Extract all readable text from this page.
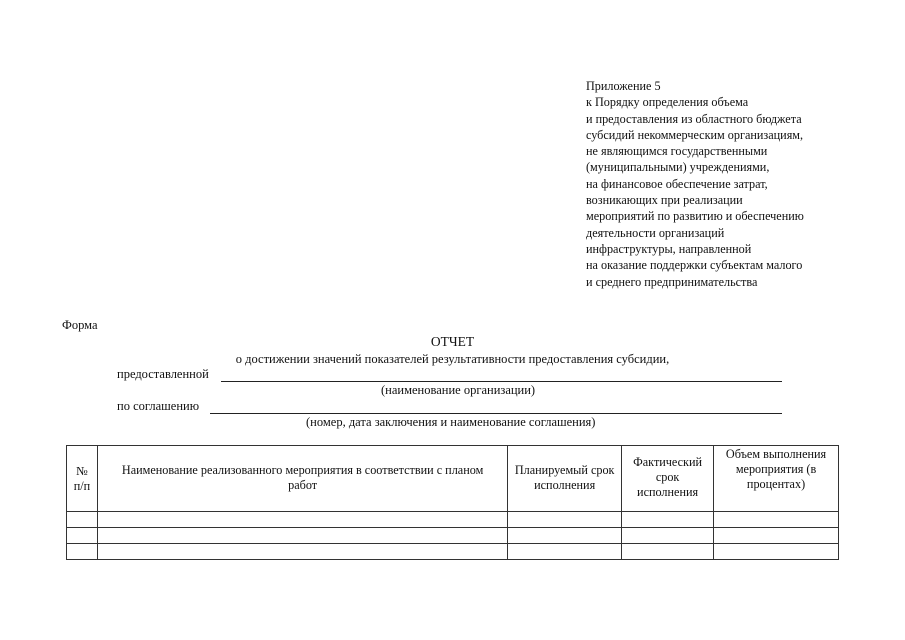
Приложение 5
к Порядку определения объема
и предоставления из областного бюджета
субсидий некоммерческим организациям,
не являющимся государственными
(муниципальными) учреждениями,
на финансовое обеспечение затрат,
возникающих при реализации
мероприятий по развитию и обеспечению
деятельности организаций
инфраструктуры, направленной
на оказание поддержки субъектам малого
и среднего предпринимательства
Форма
ОТЧЕТ
о достижении значений показателей результативности предоставления субсидии,
предоставленной
(наименование организации)
по соглашению
(номер, дата заключения и наименование соглашения)
№ п/п	Наименование реализованного мероприятия в соответствии с планом работ	Планируемый срок исполнения	Фактический срок исполнения	Объем выполнения мероприятия (в процентах)
